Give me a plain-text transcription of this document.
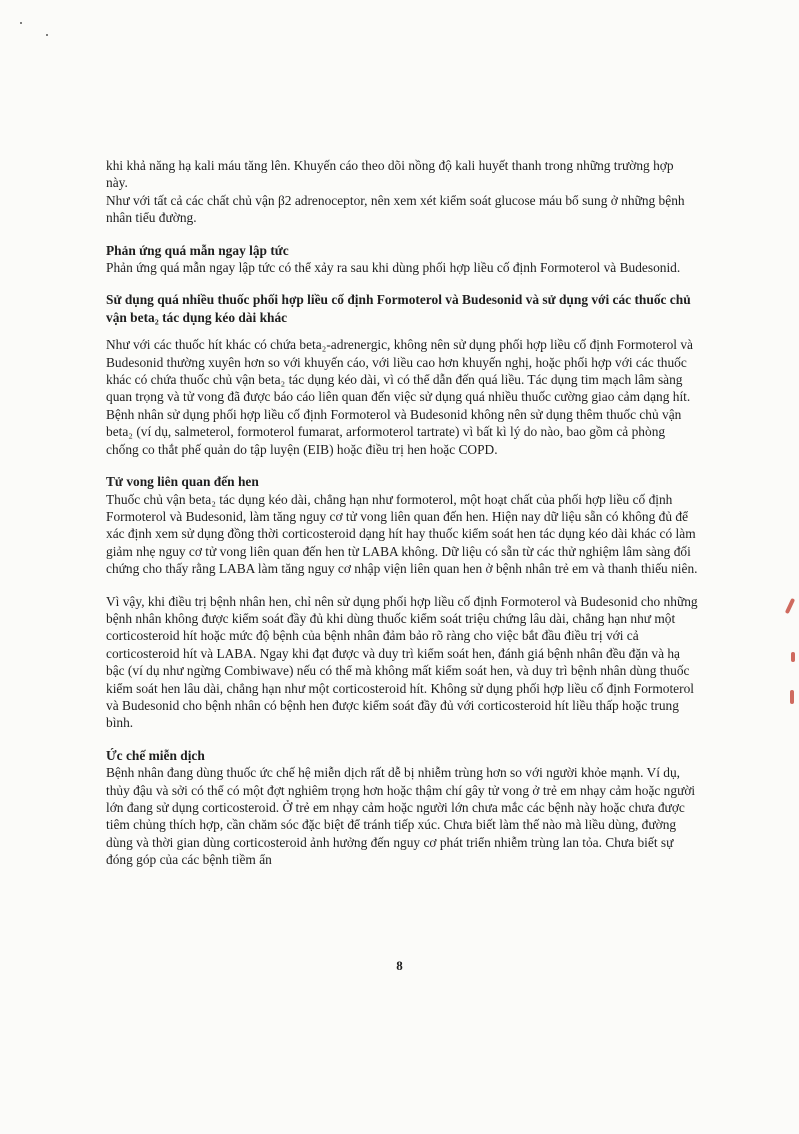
khi khả năng hạ kali máu tăng lên. Khuyến cáo theo dõi nồng độ kali huyết thanh trong những trường hợp này.

Như với tất cả các chất chủ vận β2 adrenoceptor, nên xem xét kiểm soát glucose máu bổ sung ở những bệnh nhân tiểu đường.

Phản ứng quá mẫn ngay lập tức

Phản ứng quá mẫn ngay lập tức có thể xảy ra sau khi dùng phối hợp liều cố định Formoterol và Budesonid.

Sử dụng quá nhiều thuốc phối hợp liều cố định Formoterol và Budesonid và sử dụng với các thuốc chủ vận beta₂ tác dụng kéo dài khác

Như với các thuốc hít khác có chứa beta₂-adrenergic, không nên sử dụng phối hợp liều cố định Formoterol và Budesonid thường xuyên hơn so với khuyến cáo, với liều cao hơn khuyến nghị, hoặc phối hợp với các thuốc khác có chứa thuốc chủ vận beta₂ tác dụng kéo dài, vì có thể dẫn đến quá liều. Tác dụng tim mạch lâm sàng quan trọng và tử vong đã được báo cáo liên quan đến việc sử dụng quá nhiều thuốc cường giao cảm dạng hít. Bệnh nhân sử dụng phối hợp liều cố định Formoterol và Budesonid không nên sử dụng thêm thuốc chủ vận beta₂ (ví dụ, salmeterol, formoterol fumarat, arformoterol tartrate) vì bất kì lý do nào, bao gồm cả phòng chống co thắt phế quản do tập luyện (EIB) hoặc điều trị hen hoặc COPD.

Tử vong liên quan đến hen

Thuốc chủ vận beta₂ tác dụng kéo dài, chẳng hạn như formoterol, một hoạt chất của phối hợp liều cố định Formoterol và Budesonid, làm tăng nguy cơ tử vong liên quan đến hen. Hiện nay dữ liệu sẵn có không đủ để xác định xem sử dụng đồng thời corticosteroid dạng hít hay thuốc kiểm soát hen tác dụng kéo dài khác có làm giảm nhẹ nguy cơ tử vong liên quan đến hen từ LABA không. Dữ liệu có sẵn từ các thử nghiệm lâm sàng đối chứng cho thấy rằng LABA làm tăng nguy cơ nhập viện liên quan hen ở bệnh nhân trẻ em và thanh thiếu niên.

Vì vậy, khi điều trị bệnh nhân hen, chỉ nên sử dụng phối hợp liều cố định Formoterol và Budesonid cho những bệnh nhân không được kiểm soát đầy đủ khi dùng thuốc kiểm soát triệu chứng lâu dài, chẳng hạn như một corticosteroid hít hoặc mức độ bệnh của bệnh nhân đảm bảo rõ ràng cho việc bắt đầu điều trị với cả corticosteroid hít và LABA. Ngay khi đạt được và duy trì kiểm soát hen, đánh giá bệnh nhân đều đặn và hạ bậc (ví dụ như ngừng Combiwave) nếu có thể mà không mất kiểm soát hen, và duy trì bệnh nhân dùng thuốc kiểm soát hen lâu dài, chẳng hạn như một corticosteroid hít. Không sử dụng phối hợp liều cố định Formoterol và Budesonid cho bệnh nhân có bệnh hen được kiểm soát đầy đủ với corticosteroid hít liều thấp hoặc trung bình.

Ức chế miễn dịch

Bệnh nhân đang dùng thuốc ức chế hệ miễn dịch rất dễ bị nhiễm trùng hơn so với người khỏe mạnh. Ví dụ, thủy đậu và sởi có thể có một đợt nghiêm trọng hơn hoặc thậm chí gây tử vong ở trẻ em nhạy cảm hoặc người lớn đang sử dụng corticosteroid. Ở trẻ em nhạy cảm hoặc người lớn chưa mắc các bệnh này hoặc chưa được tiêm chủng thích hợp, cần chăm sóc đặc biệt để tránh tiếp xúc. Chưa biết làm thế nào mà liều dùng, đường dùng và thời gian dùng corticosteroid ảnh hưởng đến nguy cơ phát triển nhiễm trùng lan tỏa. Chưa biết sự đóng góp của các bệnh tiềm ẩn

8
